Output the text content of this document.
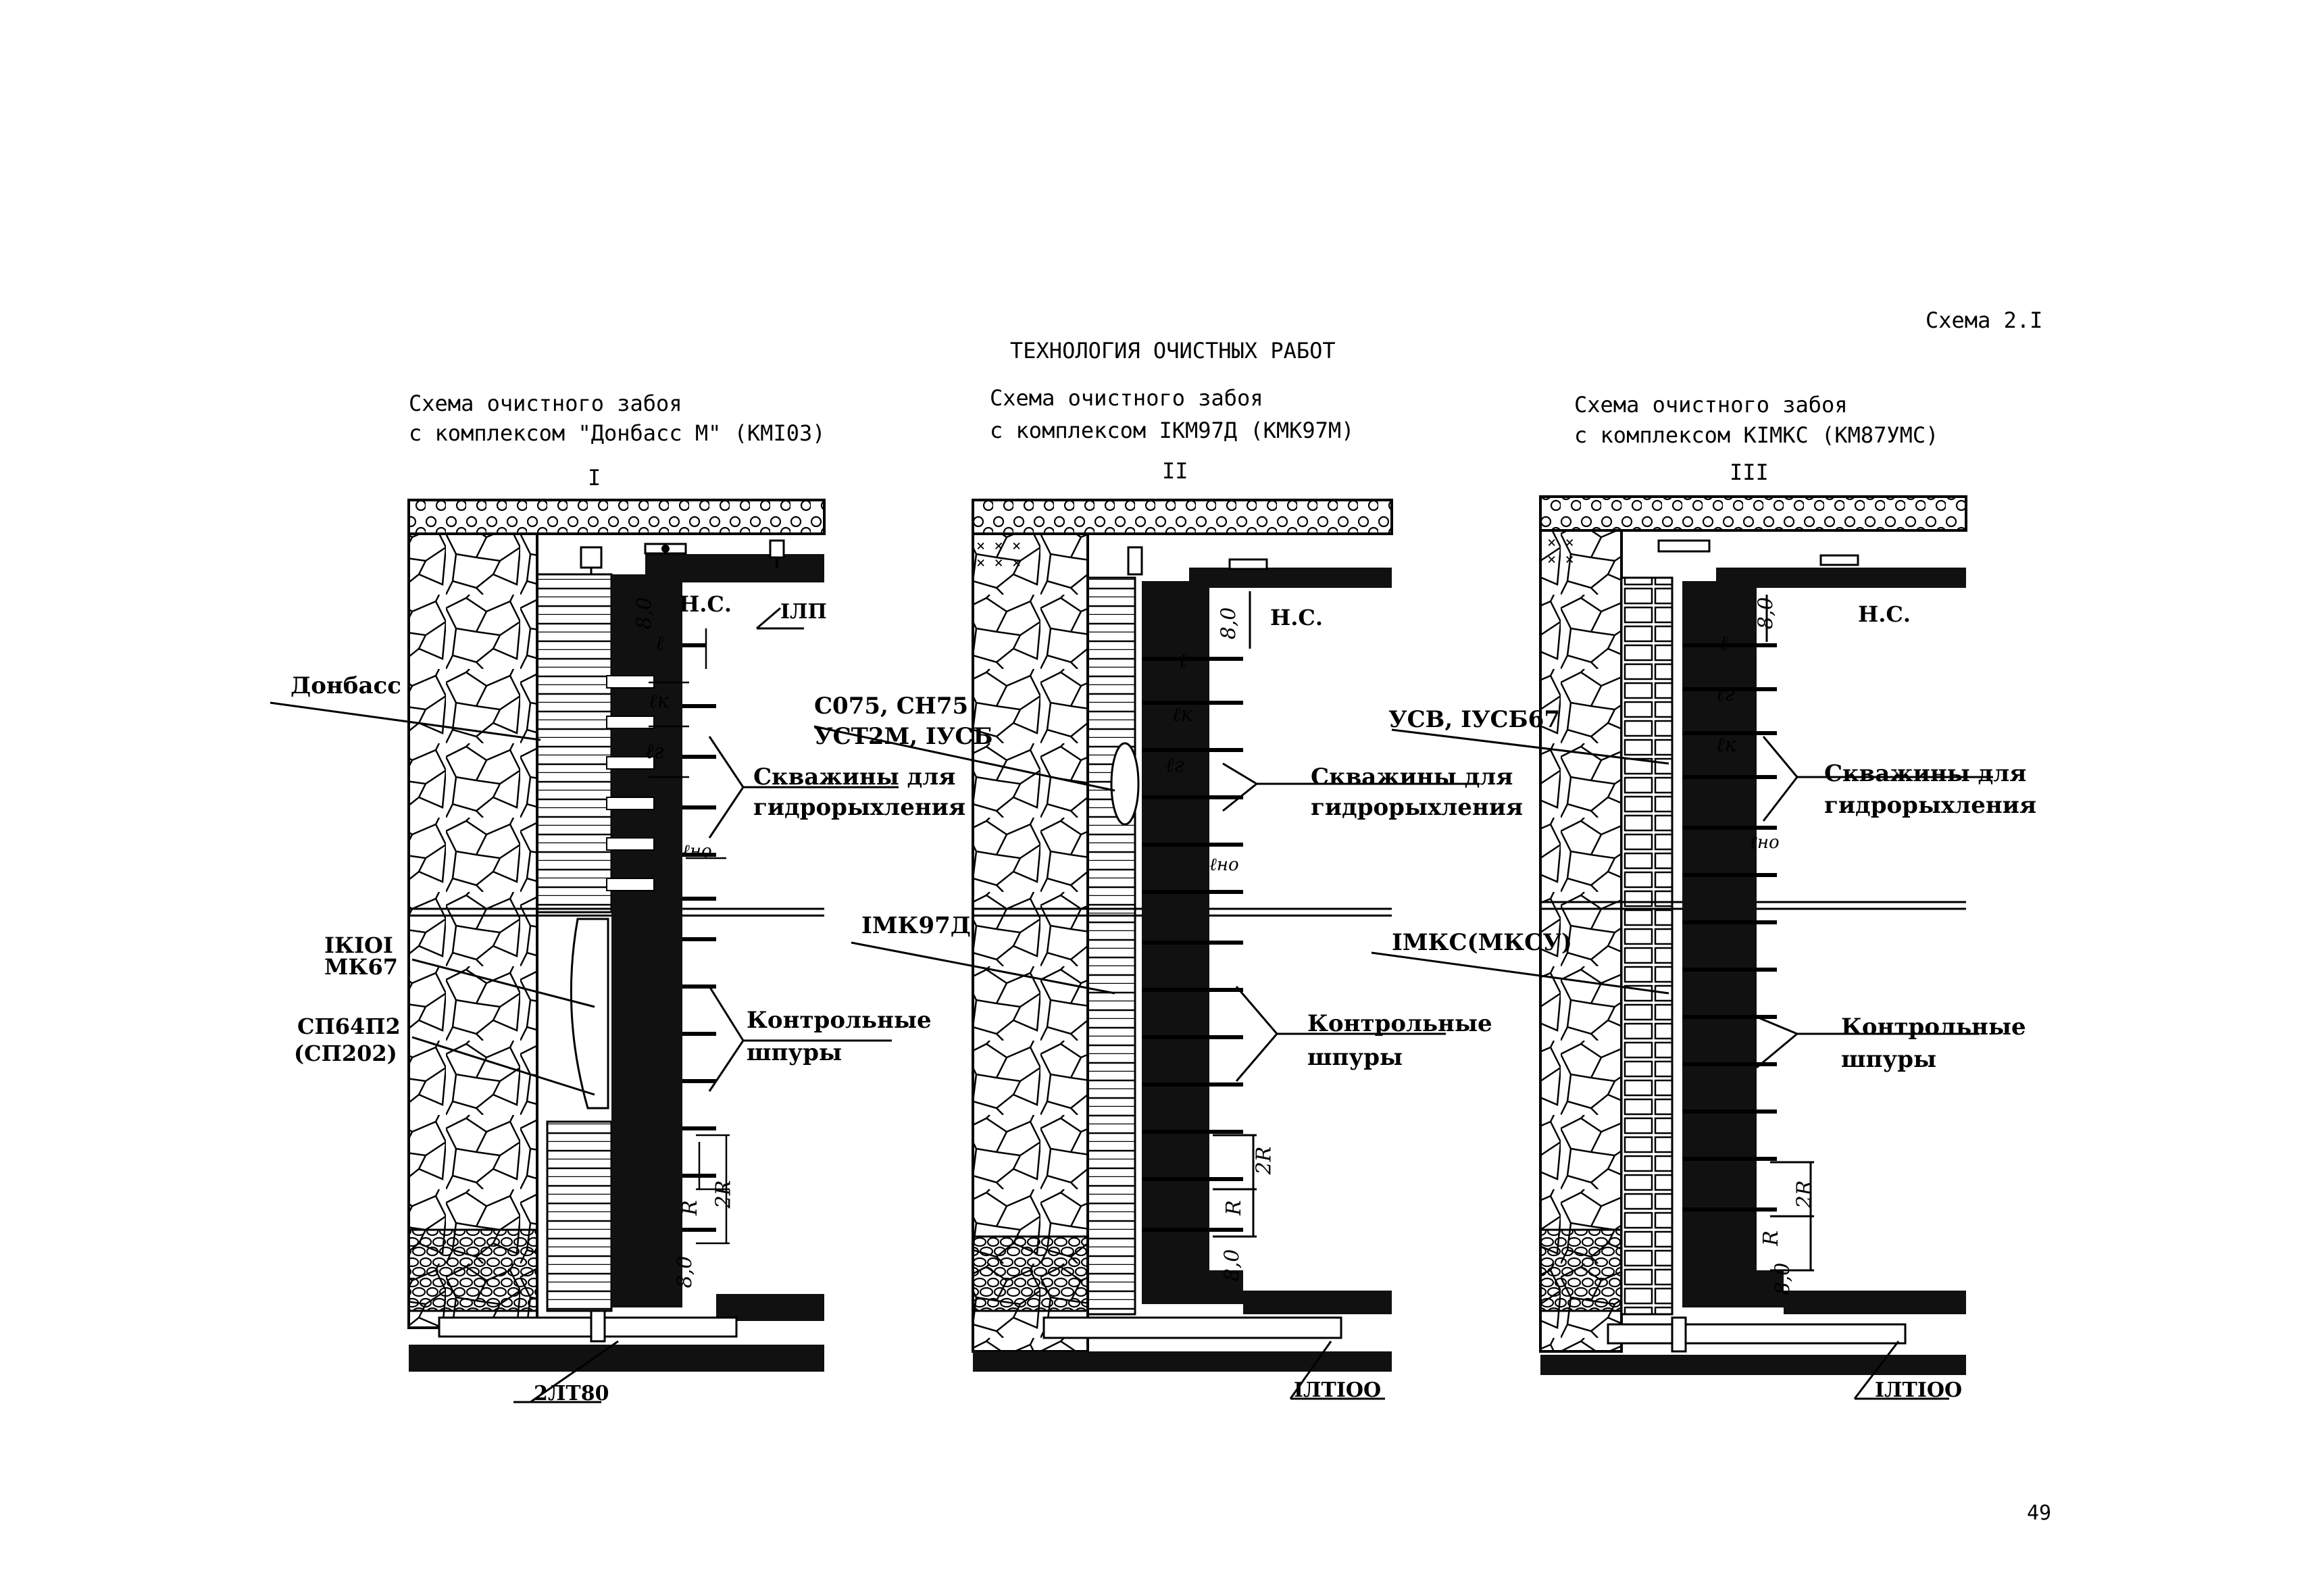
× × ×
× × ×
× ×
× ×
Схема 2.I
ТЕХНОЛОГИЯ ОЧИСТНЫХ РАБОТ
49
Схема очистного забоя
с комплексом "Донбасс М" (КМI03)
I
Донбасс
IКIOI
МК67
СП64П2
(СП202)
IЛП
Н.С.
Скважины для
гидрорыхления
Контрольные
шпуры
2ЛТ80
ℓ
ℓк
ℓг
ℓно
8,0
2R
R
8,0
Схема очистного забоя
с комплексом IКМ97Д (КМК97М)
II
С075, СН75
УСТ2М, IУСБ
IМК97Д
Н.С.
Скважины для
гидрорыхления
Контрольные
шпуры
IЛТIOO
ℓ
ℓк
ℓг
ℓно
8,0
2R
R
8,0
Схема очистного забоя
с комплексом КIМКС (КМ87УМС)
III
УСВ, IУСБ67
IМКС(МКСУ)
Н.С.
Скважины для
гидрорыхления
Контрольные
шпуры
IЛТIOO
ℓ
ℓг
ℓк
ℓно
8,0
2R
R
8,0
